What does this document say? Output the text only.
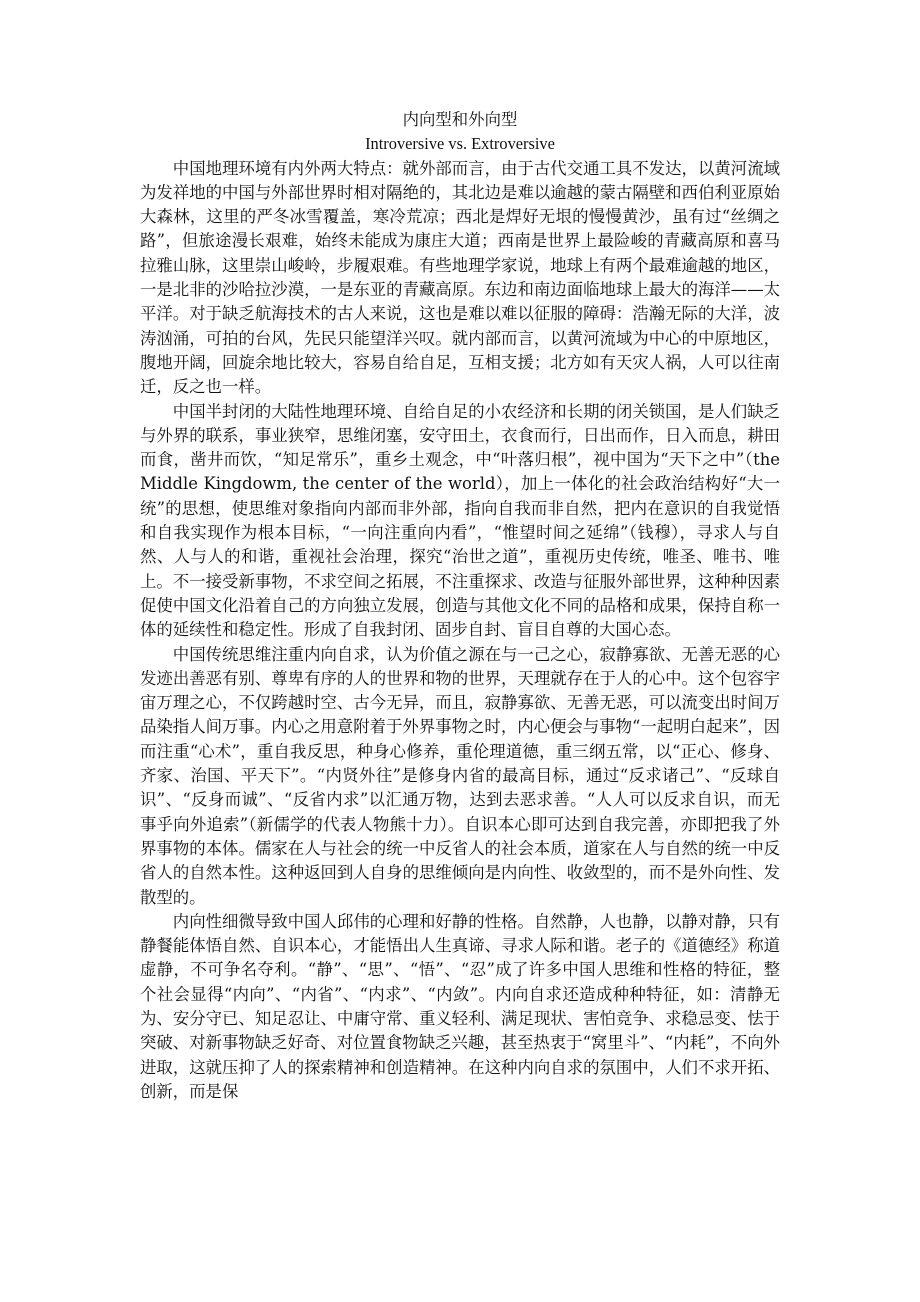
内向型和外向型
Introversive vs. Extroversive

中国地理环境有内外两大特点：就外部而言，由于古代交通工具不发达，以黄河流域为发祥地的中国与外部世界时相对隔绝的，其北边是难以逾越的蒙古隔壁和西伯利亚原始大森林，这里的严冬冰雪覆盖，寒冷荒凉；西北是焊好无垠的慢慢黄沙，虽有过“丝绸之路”，但旅途漫长艰难，始终未能成为康庄大道；西南是世界上最险峻的青藏高原和喜马拉雅山脉，这里崇山峻岭，步履艰难。有些地理学家说，地球上有两个最难逾越的地区，一是北非的沙哈拉沙漠，一是东亚的青藏高原。东边和南边面临地球上最大的海洋——太平洋。对于缺乏航海技术的古人来说，这也是难以难以征服的障碍：浩瀚无际的大洋，波涛汹涌，可拍的台风，先民只能望洋兴叹。就内部而言，以黄河流域为中心的中原地区，腹地开阔，回旋余地比较大，容易自给自足，互相支援；北方如有天灾人祸，人可以往南迁，反之也一样。

中国半封闭的大陆性地理环境、自给自足的小农经济和长期的闭关锁国，是人们缺乏与外界的联系，事业狭窄，思维闭塞，安守田土，衣食而行，日出而作，日入而息，耕田而食，凿井而饮，“知足常乐”，重乡土观念，中“叶落归根”，视中国为“天下之中”（the Middle Kingdowm, the center of the world），加上一体化的社会政治结构好“大一统”的思想，使思维对象指向内部而非外部，指向自我而非自然，把内在意识的自我觉悟和自我实现作为根本目标，“一向注重向内看”，“惟望时间之延绵”（钱穆），寻求人与自然、人与人的和谐，重视社会治理，探究“治世之道”，重视历史传统，唯圣、唯书、唯上。不一接受新事物，不求空间之拓展，不注重探求、改造与征服外部世界，这种种因素促使中国文化沿着自己的方向独立发展，创造与其他文化不同的品格和成果，保持自称一体的延续性和稳定性。形成了自我封闭、固步自封、盲目自尊的大国心态。

中国传统思维注重内向自求，认为价值之源在与一己之心，寂静寡欲、无善无恶的心发迹出善恶有别、尊卑有序的人的世界和物的世界，天理就存在于人的心中。这个包容宇宙万理之心，不仅跨越时空、古今无异，而且，寂静寡欲、无善无恶，可以流变出时间万品染指人间万事。内心之用意附着于外界事物之时，内心便会与事物“一起明白起来”，因而注重“心术”，重自我反思，种身心修养，重伦理道德，重三纲五常，以“正心、修身、齐家、治国、平天下”。“内贤外往”是修身内省的最高目标，通过“反求诸己”、“反球自识”、“反身而诚”、“反省内求”以汇通万物，达到去恶求善。“人人可以反求自识，而无事乎向外追索”（新儒学的代表人物熊十力）。自识本心即可达到自我完善，亦即把我了外界事物的本体。儒家在人与社会的统一中反省人的社会本质，道家在人与自然的统一中反省人的自然本性。这种返回到人自身的思维倾向是内向性、收敛型的，而不是外向性、发散型的。

内向性细微导致中国人邱伟的心理和好静的性格。自然静，人也静，以静对静，只有静餐能体悟自然、自识本心，才能悟出人生真谛、寻求人际和谐。老子的《道德经》称道虚静，不可争名夺利。“静”、“思”、“悟”、“忍”成了许多中国人思维和性格的特征，整个社会显得“内向”、“内省”、“内求”、“内敛”。内向自求还造成种种特征，如：清静无为、安分守已、知足忍让、中庸守常、重义轻利、满足现状、害怕竞争、求稳忌变、怯于突破、对新事物缺乏好奇、对位置食物缺乏兴趣，甚至热衷于“窝里斗”、“内耗”，不向外进取，这就压抑了人的探索精神和创造精神。在这种内向自求的氛围中，人们不求开拓、创新，而是保
